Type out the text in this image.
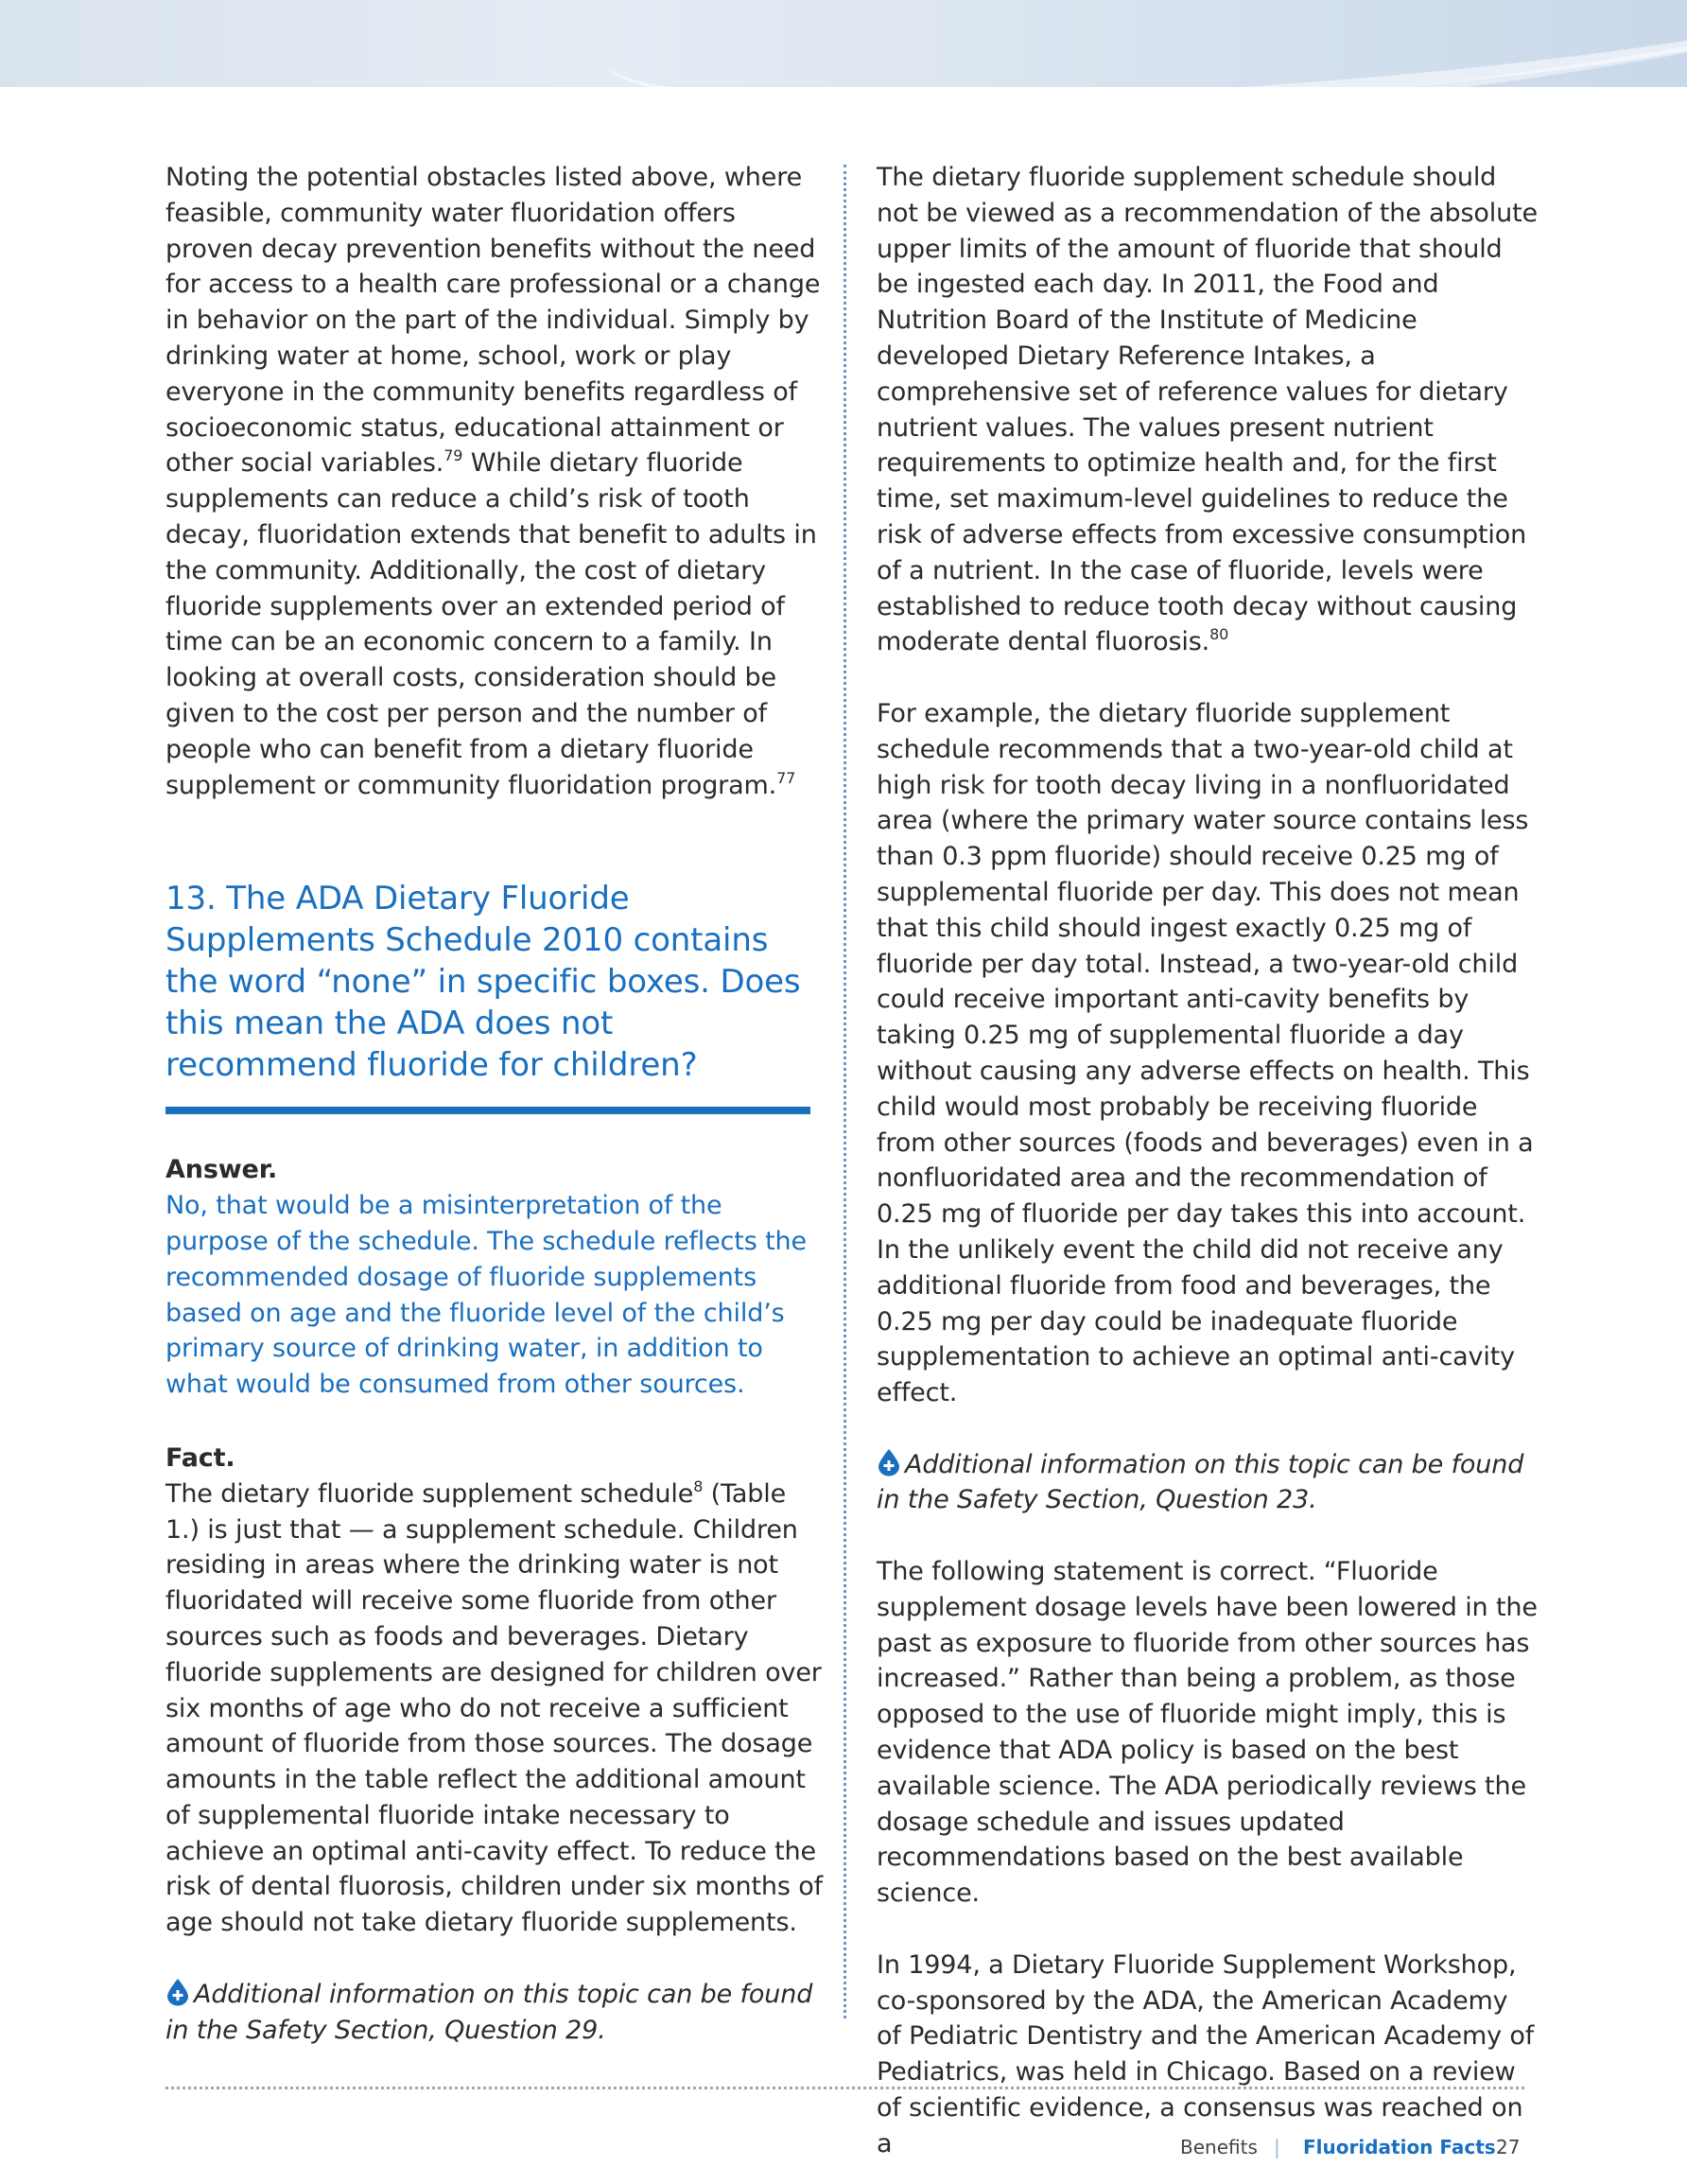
Noting the potential obstacles listed above, where feasible, community water fluoridation offers proven decay prevention benefits without the need for access to a health care professional or a change in behavior on the part of the individual. Simply by drinking water at home, school, work or play everyone in the community benefits regardless of socioeconomic status, educational attainment or other social variables.$^{79}$ While dietary fluoride supplements can reduce a child’s risk of tooth decay, fluoridation extends that benefit to adults in the community. Additionally, the cost of dietary fluoride supplements over an extended period of time can be an economic concern to a family. In looking at overall costs, consideration should be given to the cost per person and the number of people who can benefit from a dietary fluoride supplement or community fluoridation program.$^{77}$

13. The ADA Dietary Fluoride Supplements Schedule 2010 contains the word “none” in specific boxes. Does this mean the ADA does not recommend fluoride for children?

Answer.

No, that would be a misinterpretation of the purpose of the schedule. The schedule reflects the recommended dosage of fluoride supplements based on age and the fluoride level of the child’s primary source of drinking water, in addition to what would be consumed from other sources.

Fact.

The dietary fluoride supplement schedule$^8$ (Table 1.) is just that — a supplement schedule. Children residing in areas where the drinking water is not fluoridated will receive some fluoride from other sources such as foods and beverages. Dietary fluoride supplements are designed for children over six months of age who do not receive a sufficient amount of fluoride from those sources. The dosage amounts in the table reflect the additional amount of supplemental fluoride intake necessary to achieve an optimal anti-cavity effect. To reduce the risk of dental fluorosis, children under six months of age should not take dietary fluoride supplements.

Additional information on this topic can be found in the Safety Section, Question 29.

The dietary fluoride supplement schedule should not be viewed as a recommendation of the absolute upper limits of the amount of fluoride that should be ingested each day. In 2011, the Food and Nutrition Board of the Institute of Medicine developed Dietary Reference Intakes, a comprehensive set of reference values for dietary nutrient values. The values present nutrient requirements to optimize health and, for the first time, set maximum-level guidelines to reduce the risk of adverse effects from excessive consumption of a nutrient. In the case of fluoride, levels were established to reduce tooth decay without causing moderate dental fluorosis.$^{80}$

For example, the dietary fluoride supplement schedule recommends that a two-year-old child at high risk for tooth decay living in a nonfluoridated area (where the primary water source contains less than 0.3 ppm fluoride) should receive 0.25 mg of supplemental fluoride per day. This does not mean that this child should ingest exactly 0.25 mg of fluoride per day total. Instead, a two-year-old child could receive important anti-cavity benefits by taking 0.25 mg of supplemental fluoride a day without causing any adverse effects on health. This child would most probably be receiving fluoride from other sources (foods and beverages) even in a nonfluoridated area and the recommendation of 0.25 mg of fluoride per day takes this into account. In the unlikely event the child did not receive any additional fluoride from food and beverages, the 0.25 mg per day could be inadequate fluoride supplementation to achieve an optimal anti-cavity effect.

Additional information on this topic can be found in the Safety Section, Question 23.

The following statement is correct. “Fluoride supplement dosage levels have been lowered in the past as exposure to fluoride from other sources has increased.” Rather than being a problem, as those opposed to the use of fluoride might imply, this is evidence that ADA policy is based on the best available science. The ADA periodically reviews the dosage schedule and issues updated recommendations based on the best available science.

In 1994, a Dietary Fluoride Supplement Workshop, co-sponsored by the ADA, the American Academy of Pediatric Dentistry and the American Academy of Pediatrics, was held in Chicago. Based on a review of scientific evidence, a consensus was reached on a	Benefits | Fluoridation Facts 27
